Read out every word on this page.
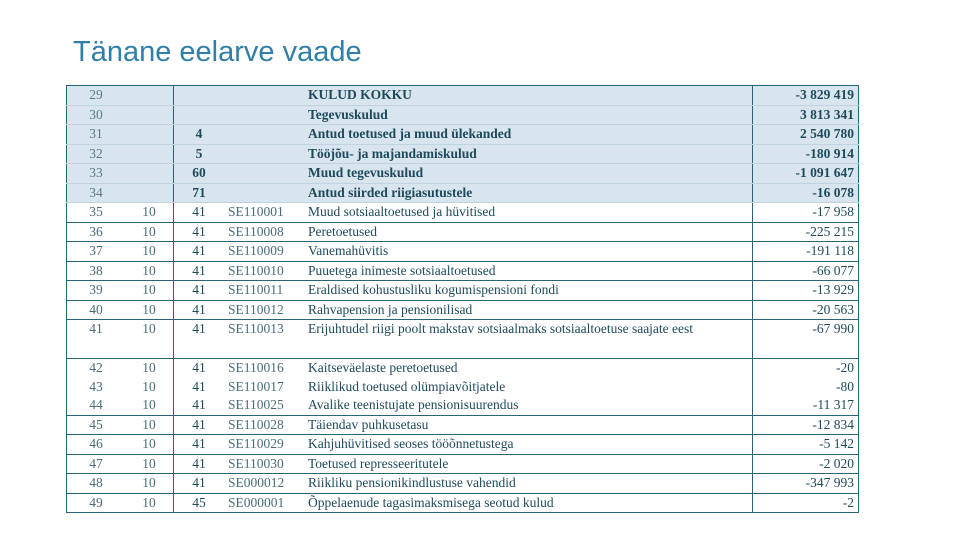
Tänane eelarve vaade
29				KULUD KOKKU	-3 829 419
30				Tegevuskulud	3 813 341
31		4		Antud toetused ja muud ülekanded	2 540 780
32		5		Tööjõu- ja majandamiskulud	-180 914
33		60		Muud tegevuskulud	-1 091 647
34		71		Antud siirded riigiasutustele	-16 078
35	10	41	SE110001	Muud sotsiaaltoetused ja hüvitised	-17 958
36	10	41	SE110008	Peretoetused	-225 215
37	10	41	SE110009	Vanemahüvitis	-191 118
38	10	41	SE110010	Puuetega inimeste sotsiaaltoetused	-66 077
39	10	41	SE110011	Eraldised kohustusliku kogumispensioni fondi	-13 929
40	10	41	SE110012	Rahvapension ja pensionilisad	-20 563
41	10	41	SE110013	Erijuhtudel riigi poolt makstav sotsiaalmaks sotsiaaltoetuse saajate eest	-67 990
42	10	41	SE110016	Kaitseväelaste peretoetused	-20
43	10	41	SE110017	Riiklikud toetused olümpiavõitjatele	-80
44	10	41	SE110025	Avalike teenistujate pensionisuurendus	-11 317
45	10	41	SE110028	Täiendav puhkusetasu	-12 834
46	10	41	SE110029	Kahjuhüvitised seoses tööõnnetustega	-5 142
47	10	41	SE110030	Toetused represseeritutele	-2 020
48	10	41	SE000012	Riikliku pensionikindlustuse vahendid	-347 993
49	10	45	SE000001	Õppelaenude tagasimaksmisega seotud kulud	-2
